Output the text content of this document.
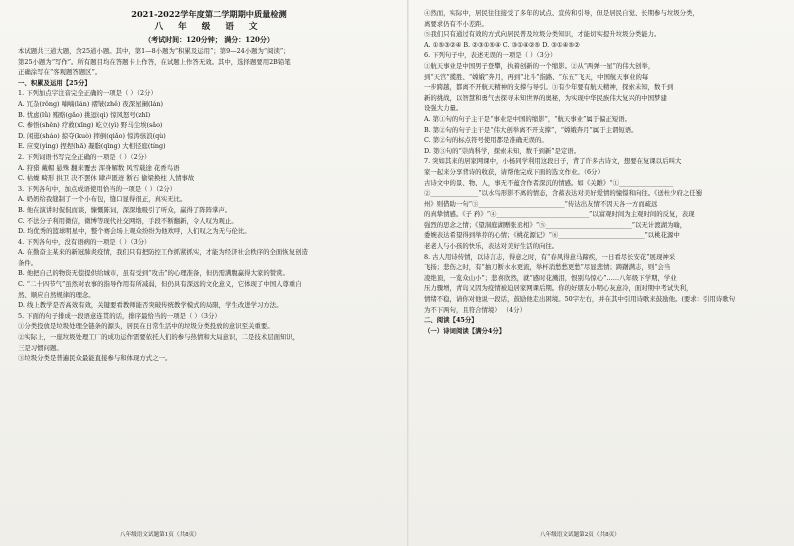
2021-2022学年度第二学期期中质量检测
八 年 级 语 文
（考试时间：120分钟； 满分：120分）
本试题共三道大题，含25道小题。其中，第1—8小题为“积累及运用”；第9—24小题为“阅读”；
第25小题为“写作”。所有题目均在答题卡上作答，在试题上作答无效。其中，选择题要用2B铅笔
正确涂写在“客观题答题区”。
一、积累及运用【25分】
1. 下列加点字注音完全正确的一项是（ ）（2分）
A. 冗杂(rǒng) 喃喃(lán) 褶皱(zhě) 夜深星阑(lán)
B. 忧虑(lǜ) 贿赂(gǎo) 挑逗(qì) 惊风怒号(zhī)
C. 参悟(shěn) 疗救(xīng) 屹立(yì) 野马尘埃(sǎo)
D. 闲逛(sháo) 掠夺(kuò) 摔倒(qiǎo) 惊涛骇浪(qù)
E. 应变(yìng) 捏捏(hā) 凝脂(qīng) 大相径庭(tíng)
2. 下列词语书写完全正确的一项是（ ）（2分）
A. 狩猎 戴帽 悬殊 翻来覆去 浑身解数 风雪载途 花香鸟语
C. 枯燥 畸形 拱卫 决不罢休 肆声匿迹 断石 偷梁换柱 人情事故
3. 下列各句中，加点成语使用恰当的一项是（ ）（2分）
A. 奶奶给我缝制了一个小布包，缝口显得很正，真实无比。
B. 他在演讲时侃侃而谈，慷慨陈词，深深地吸引了听众，赢得了阵阵掌声。
C. 不法分子利用微信，微博等现代社交网络，手段不断翻新，令人叹为观止。
D. 均优秀的篮球明星中，整个赛会场上观众纷纷为他欢呼，人们叹之为无与伦比。
4. 下列各句中，没有语病的一项是（ ）（3分）
A. 在勤奋主某来的新冠肺炎疫情，我们只有把防控工作抓紧抓实，才能为经济社会秩序的全面恢复创造
条件。
B. 他把自己的物资无偿提供给城市，虽有受到“攻击”的心理准备，但仍需满腹赢得大家的赞赏。
C. “二十四节气”虽然对农事的指导作用有所减弱，但仍具有深远的文化意义，它体现了中国人尊重自
然、顺应自然规律的理念。
D. 线上教学是否高效有效，关键要看教师能否突破传统教学模式的局限，学生改进学习方法。
5. 下面的句子排成一段语意连贯的话，排序最恰当的一项是（ ）（3分）
①分类投放是垃圾处理全链条的源头，居民在日常生活中的垃圾分类投放的意识至关重要。
②实际上，一座垃圾处理工厂的成功运作需要依托人们的参与热情和大局意识，二是技术层面知识，
三是习惯问题。
③垃圾分类是普遍民众最能直接参与和体现方式之一。
④然而，实际中，居民往往接受了多年的试点、宣传和引导，但是居民自觉、长期参与垃圾分类，
离要求仍有不小差距。
⑤我们只有通过有效的方式向居民普及垃圾分类知识，才能切实提升垃圾分类能力。
A. ①⑤③②④ B. ②③①⑤④ C. ③①④②⑤ D. ③①④⑤②
6. 下列句子中，表述无误的一项是（ ）（3分）
①航天事业是中国男子登攀，执着创新的一个缩影。②从“两弹一星”的伟大创举，
到“天宫”揽胜、“嫦娥”奔月，再到“北斗”指路、“东五”飞天，中国航天事业的每
一步跨越，都离不开航天精神的支撑与导引。③有少年要有航天精神，探索未知，数千到
新的挑战，以智慧和勇气去探寻未知世界的奥秘，为实现中华民族伟大复兴的中国梦建
设强大力量。
A. 第①句的句子主干是“事业是中国的缩影”，“航天事业”属于偏正短语。
B. 第②句的句子主干是“伟大创举离不开支撑”，“嫦娥奔月”属于主谓短语。
C. 第②句的标点符号使用都是准确无误的。
D. 第③句的“崇尚科学，探索未知，数千到新”是定语。
7. 突如其来的居家网课中，小杨同学利用这段日子，背了许多古诗文，想要在复课以后叫大
家一起来分享背诗的收获，请帮他完成下面的选文作业。（6分）
古诗文中的景、物、人，事无不蕴含作者深沉的情感。如《关雎》“①_________________
②_______________”以水鸟形影不离的情态，含蓄表达对美好爱情的憧憬和向往。《送杜少府之任蜀
州》则借助一句“③___________________________”传达出友情不因天各一方而疏远
的真挚情感。《子 矜》“④_____________________________”以富观时间为主观时间的反复，表现
强烈的思念之情；《望洞庭湖赠张丞相》“⑤___________________________”以无计渡湖为喻，
委婉表达希望得到举荐的心情；《桃花源记》“⑥___________________________”以桃花源中
老老人与小孩的快乐，表达对美好生活的向往。
8. 古人用诗传情，以诗言志，得意之时，有“春风得意马蹄疾，一日看尽长安花”展现神采
飞扬；悲伤之时，有“抽刀断水水更流，举杯消愁愁更愁”尽显悲情；踌躇满志，则“会当
凌绝顶，一览众山小”；悲喜欣然，就“感时花溅泪，恨别鸟惊心”……八年级下学期，学业
压力骤增，青岛又因为疫情被迫居家网课后期。你的好朋友小明心灰意冷，面对期中考试失利，
情绪不稳，请你对他说一段话，鼓励他走出困境。50字左右，并在其中引用诗歌来鼓励他。(要求：引用诗歌句
为不下两句，且符合情境） （4分）
二、阅读【45分】
（一）诗词阅读【满分4分】
八年级语文试题第1页（共8页）	八年级语文试题第2页（共8页）
